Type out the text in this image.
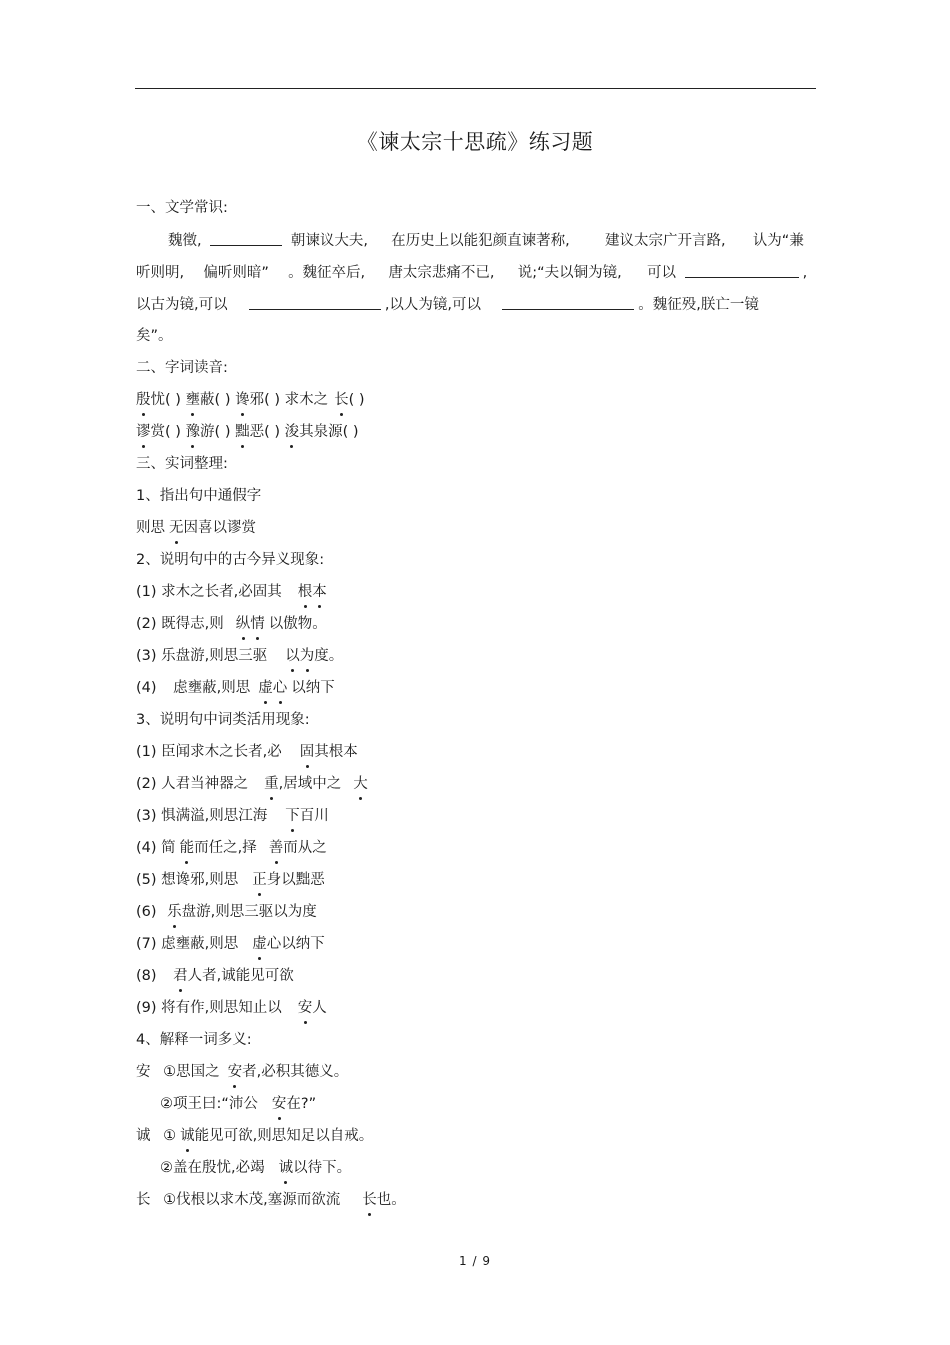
《谏太宗十思疏》练习题
一、文学常识:
魏徵,	朝谏议大夫, 在历史上以能犯颜直谏著称, 建议太宗广开言路, 认为“兼
听则明, 偏听则暗” 。魏征卒后, 唐太宗悲痛不已, 说;“夫以铜为镜, 可以	,
以古为镜,可以	,以人为镜,可以	。魏征殁,朕亡一镜
矣”。
二、字词读音:
殷忧( ) 壅蔽( ) 谗邪( ) 求木之 长( )
谬赏( ) 豫游( ) 黜恶( ) 浚其泉源( )
三、实词整理:
1、指出句中通假字
则思 无因喜以谬赏
2、说明句中的古今异义现象:
(1) 求木之长者,必固其 根本
(2) 既得志,则 纵情 以傲物。
(3) 乐盘游,则思三驱 以为度。
(4) 虑壅蔽,则思 虚心 以纳下
3、说明句中词类活用现象:
(1) 臣闻求木之长者,必 固其根本
(2) 人君当神器之 重,居域中之 大
(3) 惧满溢,则思江海 下百川
(4) 简 能而任之,择 善而从之
(5) 想谗邪,则思 正身以黜恶
(6) 乐盘游,则思三驱以为度
(7) 虑壅蔽,则思 虚心以纳下
(8) 君人者,诚能见可欲
(9) 将有作,则思知止以 安人
4、解释一词多义:
安 ①思国之 安者,必积其德义。
②项王曰:“沛公 安在?”
诚 ① 诚能见可欲,则思知足以自戒。
②盖在殷忧,必竭 诚以待下。
长 ①伐根以求木茂,塞源而欲流 长也。
1 / 9
